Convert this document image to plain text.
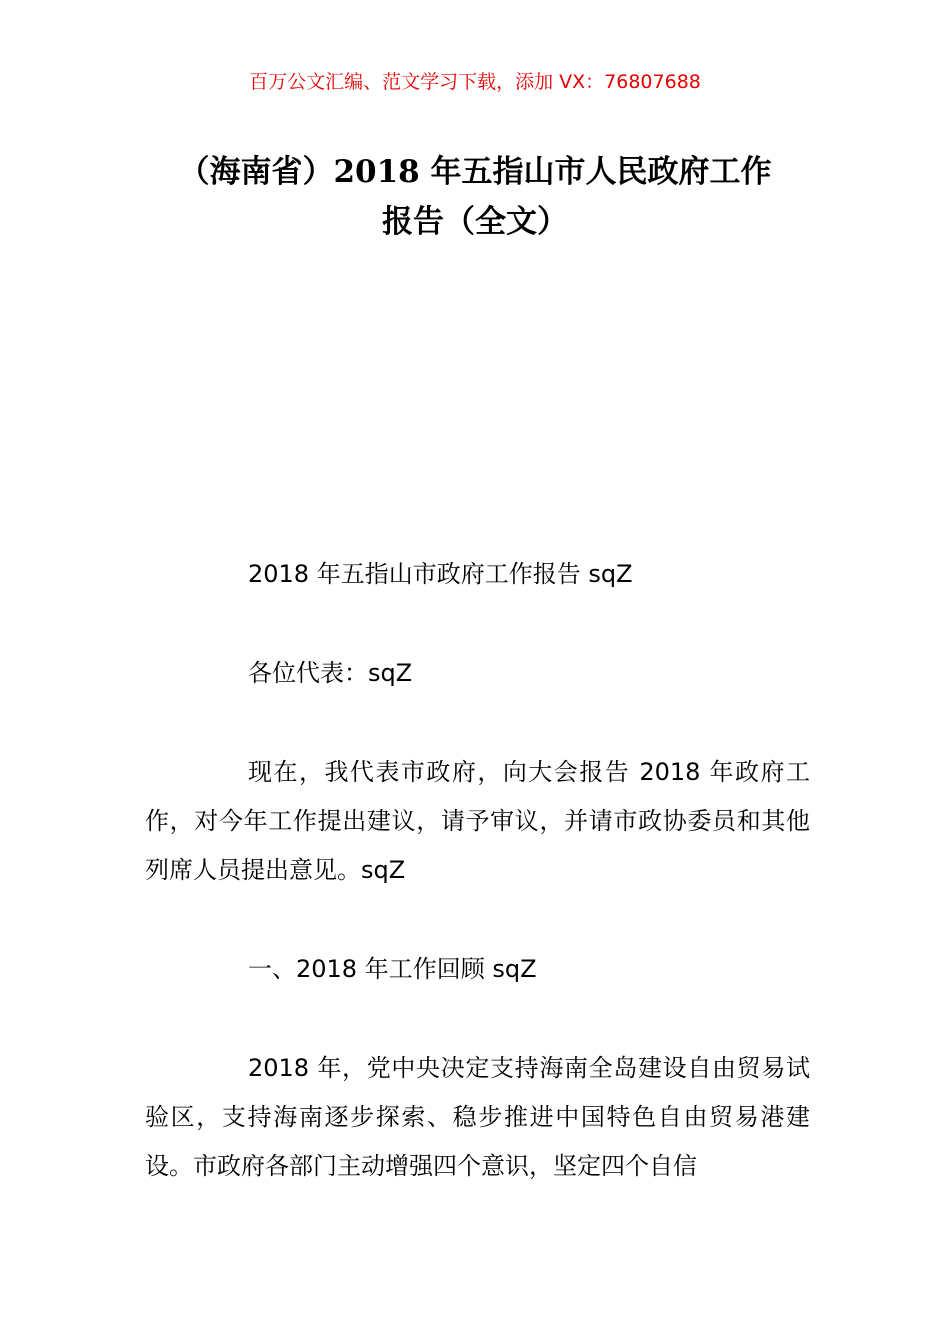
百万公文汇编、范文学习下载，添加 VX：76807688
（海南省）2018 年五指山市人民政府工作
报告（全文）

2018 年五指山市政府工作报告 sqZ

各位代表：sqZ

现在，我代表市政府，向大会报告 2018 年政府工作，对今年工作提出建议，请予审议，并请市政协委员和其他列席人员提出意见。sqZ

一、2018 年工作回顾 sqZ

2018 年，党中央决定支持海南全岛建设自由贸易试验区，支持海南逐步探索、稳步推进中国特色自由贸易港建设。市政府各部门主动增强四个意识，坚定四个自信
